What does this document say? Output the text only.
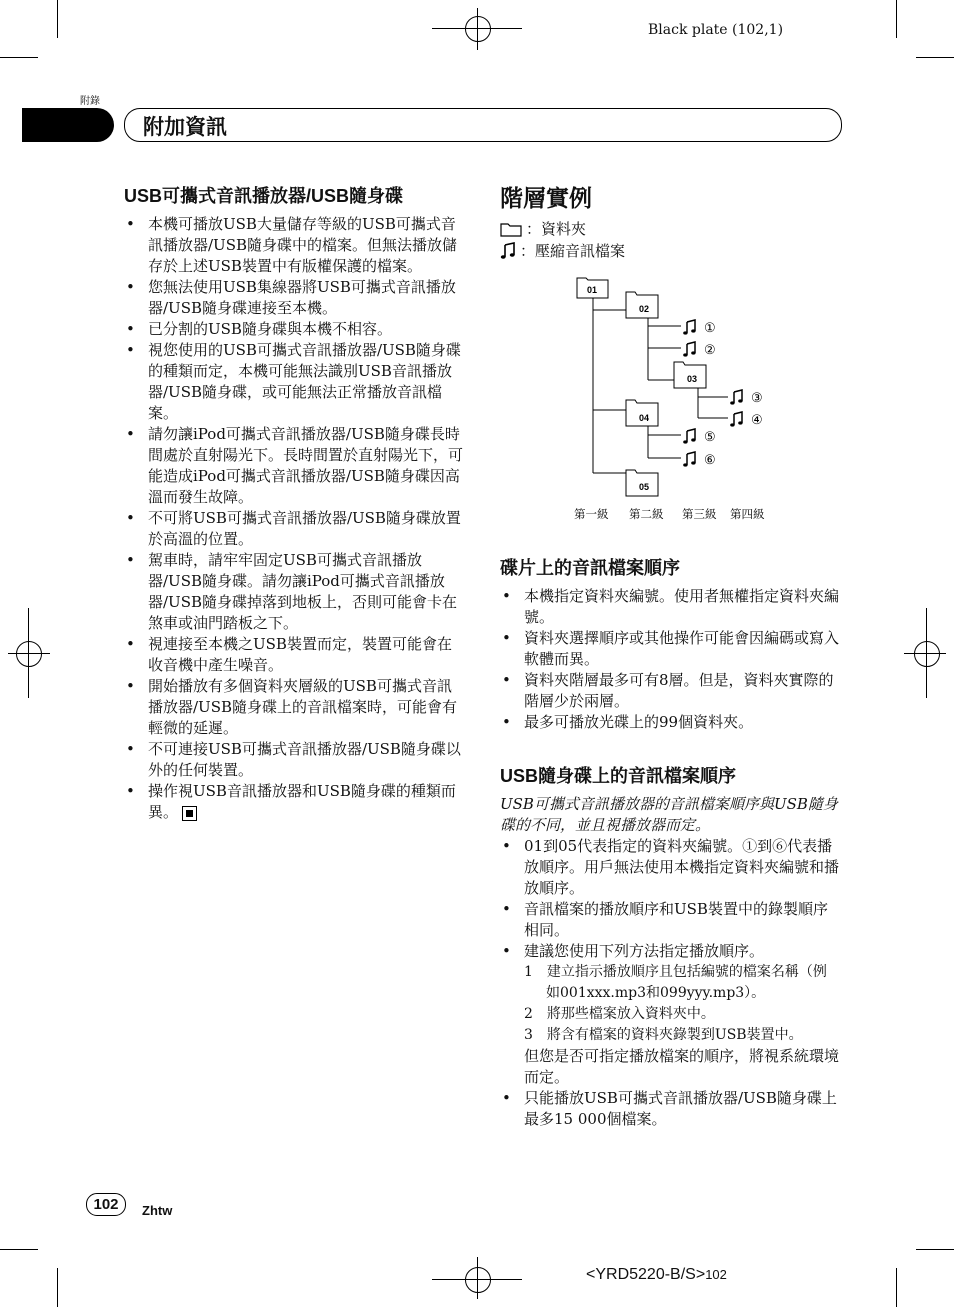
Black plate (102,1)
附錄
附加資訊
USB可攜式音訊播放器/USB隨身碟
• 本機可播放USB大量儲存等級的USB可攜式音訊播放器/USB隨身碟中的檔案。但無法播放儲存於上述USB裝置中有版權保護的檔案。
• 您無法使用USB集線器將USB可攜式音訊播放器/USB隨身碟連接至本機。
• 已分割的USB隨身碟與本機不相容。
• 視您使用的USB可攜式音訊播放器/USB隨身碟的種類而定，本機可能無法識別USB音訊播放器/USB隨身碟，或可能無法正常播放音訊檔案。
• 請勿讓iPod可攜式音訊播放器/USB隨身碟長時間處於直射陽光下。長時間置於直射陽光下，可能造成iPod可攜式音訊播放器/USB隨身碟因高溫而發生故障。
• 不可將USB可攜式音訊播放器/USB隨身碟放置於高溫的位置。
• 駕車時，請牢牢固定USB可攜式音訊播放器/USB隨身碟。請勿讓iPod可攜式音訊播放器/USB隨身碟掉落到地板上，否則可能會卡在煞車或油門踏板之下。
• 視連接至本機之USB裝置而定，裝置可能會在收音機中產生噪音。
• 開始播放有多個資料夾層級的USB可攜式音訊播放器/USB隨身碟上的音訊檔案時，可能會有輕微的延遲。
• 不可連接USB可攜式音訊播放器/USB隨身碟以外的任何裝置。
• 操作視USB音訊播放器和USB隨身碟的種類而異。
階層實例
：資料夾
：壓縮音訊檔案
01
02
03
04
05
①
②
③
④
⑤
⑥
第一級 第二級 第三級 第四級
碟片上的音訊檔案順序
• 本機指定資料夾編號。使用者無權指定資料夾編號。
• 資料夾選擇順序或其他操作可能會因編碼或寫入軟體而異。
• 資料夾階層最多可有8層。但是，資料夾實際的階層少於兩層。
• 最多可播放光碟上的99個資料夾。
USB隨身碟上的音訊檔案順序
USB可攜式音訊播放器的音訊檔案順序與USB隨身碟的不同，並且視播放器而定。
• 01到05代表指定的資料夾編號。①到⑥代表播放順序。用戶無法使用本機指定資料夾編號和播放順序。
• 音訊檔案的播放順序和USB裝置中的錄製順序相同。
• 建議您使用下列方法指定播放順序。
1　建立指示播放順序且包括編號的檔案名稱（例如001xxx.mp3和099yyy.mp3）。
2　將那些檔案放入資料夾中。
3　將含有檔案的資料夾錄製到USB裝置中。
但您是否可指定播放檔案的順序，將視系統環境而定。
• 只能播放USB可攜式音訊播放器/USB隨身碟上最多15 000個檔案。
102	Zhtw
<YRD5220-B/S>102
